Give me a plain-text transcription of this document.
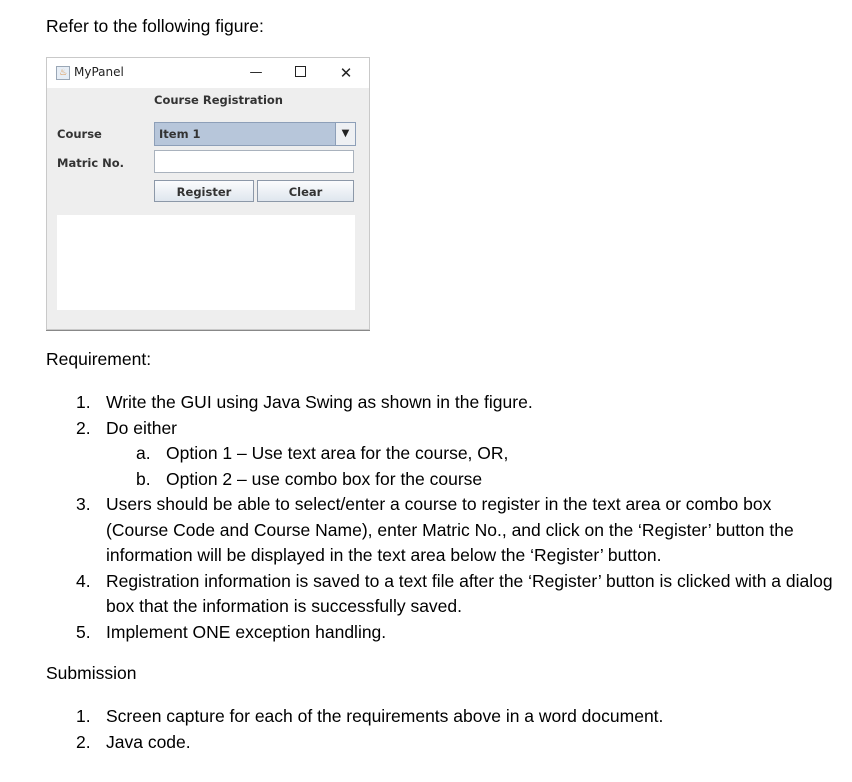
Refer to the following figure:
♨ MyPanel	—	✕
Course Registration
Course	Item 1	▼
Matric No.
Register	Clear
Requirement:
1. Write the GUI using Java Swing as shown in the figure.
2. Do either
a. Option 1 – Use text area for the course, OR,
b. Option 2 – use combo box for the course
3. Users should be able to select/enter a course to register in the text area or combo box (Course Code and Course Name), enter Matric No., and click on the ‘Register’ button the information will be displayed in the text area below the ‘Register’ button.
4. Registration information is saved to a text file after the ‘Register’ button is clicked with a dialog box that the information is successfully saved.
5. Implement ONE exception handling.
Submission
1. Screen capture for each of the requirements above in a word document.
2. Java code.
